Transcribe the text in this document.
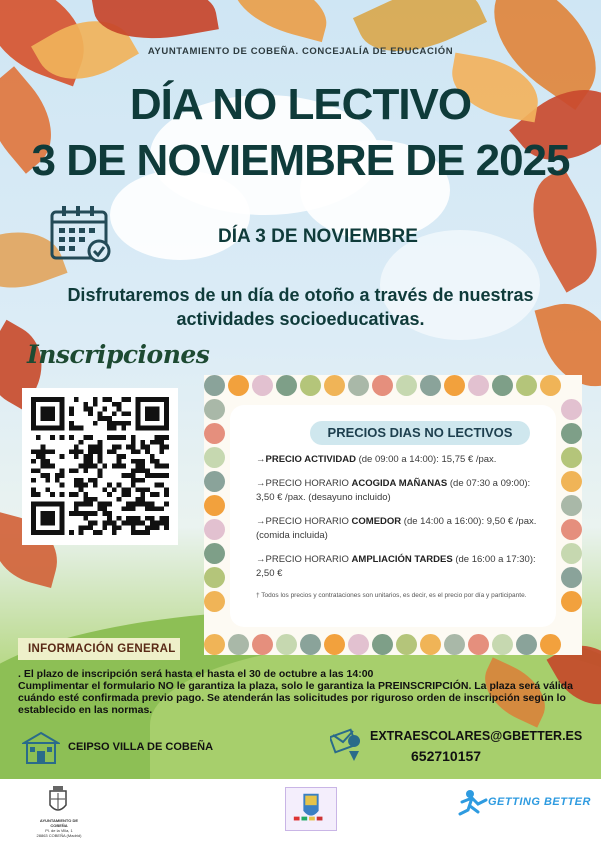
AYUNTAMIENTO DE COBEÑA. CONCEJALÍA DE EDUCACIÓN
DÍA NO LECTIVO
3 DE NOVIEMBRE DE 2025
DÍA 3 DE NOVIEMBRE
Disfrutaremos de un día de otoño a través de nuestras
actividades socioeducativas.
Inscripciones
PRECIOS DIAS NO LECTIVOS
→PRECIO ACTIVIDAD (de 09:00 a 14:00): 15,75 € /pax.
→PRECIO HORARIO ACOGIDA MAÑANAS (de 07:30 a 09:00): 3,50 € /pax. (desayuno incluido)
→PRECIO HORARIO COMEDOR (de 14:00 a 16:00): 9,50 € /pax. (comida incluida)
→PRECIO HORARIO AMPLIACIÓN TARDES (de 16:00 a 17:30): 2,50 €
† Todos los precios y contrataciones son unitarios, es decir, es el precio por día y participante.
INFORMACIÓN GENERAL
. El plazo de inscripción será hasta el hasta el 30 de octubre a las 14:00
Cumplimentar el formulario NO le garantiza la plaza, solo le garantiza la PREINSCRIPCIÓN. La plaza será válida cuándo esté confirmada previo pago. Se atenderán las solicitudes por riguroso orden de inscripción según lo establecido en las normas.
CEIPSO VILLA DE COBEÑA
EXTRAESCOLARES@GBETTER.ES
652710157
AYUNTAMIENTO DE COBEÑA
Pl. de la Villa, 1
28863 COBEÑA (Madrid)
GETTING BETTER
